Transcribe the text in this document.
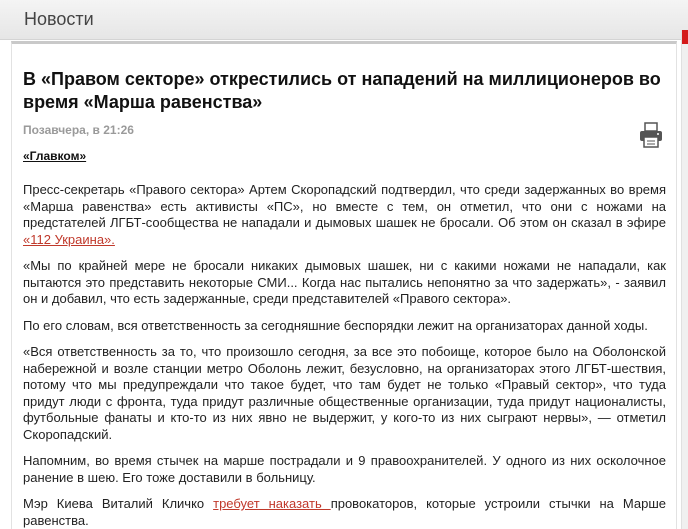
Новости
В «Правом секторе» открестились от нападений на миллиционеров во время «Марша равенства»
Позавчера, в 21:26
«Главком»

Пресс-секретарь «Правого сектора» Артем Скоропадский подтвердил, что среди задержанных во время «Марша равенства» есть активисты «ПС», но вместе с тем, он отметил, что они с ножами на предстателей ЛГБТ-сообщества не нападали и дымовых шашек не бросали. Об этом он сказал в эфире «112 Украина».

«Мы по крайней мере не бросали никаких дымовых шашек, ни с какими ножами не нападали, как пытаются это представить некоторые СМИ... Когда нас пытались непонятно за что задержать», - заявил он и добавил, что есть задержанные, среди представителей «Правого сектора».

По его словам, вся ответственность за сегодняшние беспорядки лежит на организаторах данной ходы.

«Вся ответственность за то, что произошло сегодня, за все это побоище, которое было на Оболонской набережной и возле станции метро Оболонь лежит, безусловно, на организаторах этого ЛГБТ-шествия, потому что мы предупреждали что такое будет, что там будет не только «Правый сектор», что туда придут люди с фронта, туда придут различные общественные организации, туда придут националисты, футбольные фанаты и кто-то из них явно не выдержит, у кого-то из них сыграют нервы», — отметил Скоропадский.

Напомним, во время стычек на марше пострадали и 9 правоохранителей. У одного из них осколочное ранение в шею. Его тоже доставили в больницу.

Мэр Киева Виталий Кличко требует наказать провокаторов, которые устроили стычки на Марше равенства.
